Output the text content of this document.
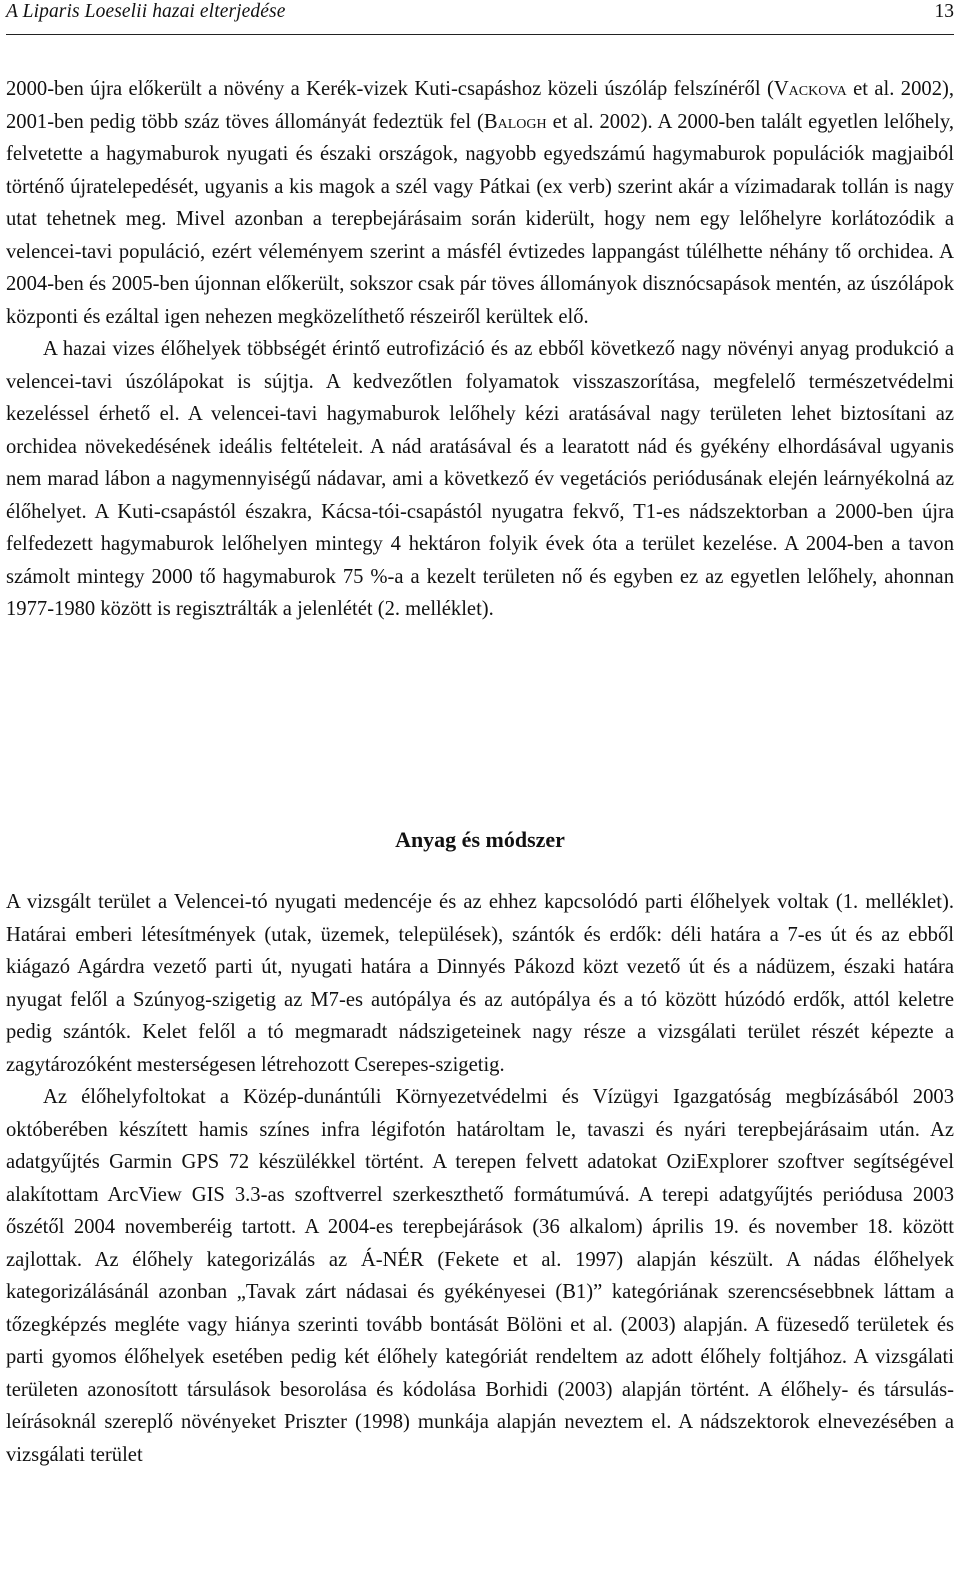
A Liparis Loeselii hazai elterjedése	13

2000-ben újra előkerült a növény a Kerék-vizek Kuti-csapáshoz közeli úszóláp felszínéről (Vackova et al. 2002), 2001-ben pedig több száz töves állományát fedeztük fel (Balogh et al. 2002). A 2000-ben talált egyetlen lelőhely, felvetette a hagymaburok nyugati és északi országok, nagyobb egyedszámú hagymaburok populációk magjaiból történő újratelepedését, ugyanis a kis magok a szél vagy Pátkai (ex verb) szerint akár a vízimadarak tollán is nagy utat tehetnek meg. Mivel azonban a terepbejárásaim során kiderült, hogy nem egy lelőhelyre korlátozódik a velencei-tavi populáció, ezért véleményem szerint a másfél évtizedes lappangást túlélhette néhány tő orchidea. A 2004-ben és 2005-ben újonnan előkerült, sokszor csak pár töves állományok disznócsapások mentén, az úszólápok központi és ezáltal igen nehezen megközelíthető részeiről kerültek elő.

A hazai vizes élőhelyek többségét érintő eutrofizáció és az ebből következő nagy növényi anyag produkció a velencei-tavi úszólápokat is sújtja. A kedvezőtlen folyamatok visszaszorítása, megfelelő természetvédelmi kezeléssel érhető el. A velencei-tavi hagymaburok lelőhely kézi aratásával nagy területen lehet biztosítani az orchidea növekedésének ideális feltételeit. A nád aratásával és a learatott nád és gyékény elhordásával ugyanis nem marad lábon a nagymennyiségű nádavar, ami a következő év vegetációs periódusának elején leárnyékolná az élőhelyet. A Kuti-csapástól északra, Kácsa-tói-csapástól nyugatra fekvő, T1-es nádszektorban a 2000-ben újra felfedezett hagymaburok lelőhelyen mintegy 4 hektáron folyik évek óta a terület kezelése. A 2004-ben a tavon számolt mintegy 2000 tő hagymaburok 75 %-a a kezelt területen nő és egyben ez az egyetlen lelőhely, ahonnan 1977-1980 között is regisztrálták a jelenlétét (2. melléklet).

Anyag és módszer

A vizsgált terület a Velencei-tó nyugati medencéje és az ehhez kapcsolódó parti élőhelyek voltak (1. melléklet). Határai emberi létesítmények (utak, üzemek, települések), szántók és erdők: déli határa a 7-es út és az ebből kiágazó Agárdra vezető parti út, nyugati határa a Dinnyés Pákozd közt vezető út és a nádüzem, északi határa nyugat felől a Szúnyog-szigetig az M7-es autópálya és az autópálya és a tó között húzódó erdők, attól keletre pedig szántók. Kelet felől a tó megmaradt nádszigeteinek nagy része a vizsgálati terület részét képezte a zagytározóként mesterségesen létrehozott Cserepes-szigetig.

Az élőhelyfoltokat a Közép-dunántúli Környezetvédelmi és Vízügyi Igazgatóság megbízásából 2003 októberében készített hamis színes infra légifotón határoltam le, tavaszi és nyári terepbejárásaim után. Az adatgyűjtés Garmin GPS 72 készülékkel történt. A terepen felvett adatokat OziExplorer szoftver segítségével alakítottam ArcView GIS 3.3-as szoftverrel szerkeszthető formátumúvá. A terepi adatgyűjtés periódusa 2003 őszétől 2004 novemberéig tartott. A 2004-es terepbejárások (36 alkalom) április 19. és november 18. között zajlottak. Az élőhely kategorizálás az Á-NÉR (Fekete et al. 1997) alapján készült. A nádas élőhelyek kategorizálásánál azonban „Tavak zárt nádasai és gyékényesei (B1)” kategóriának szerencsésebbnek láttam a tőzegképzés megléte vagy hiánya szerinti tovább bontását Bölöni et al. (2003) alapján. A füzesedő területek és parti gyomos élőhelyek esetében pedig két élőhely kategóriát rendeltem az adott élőhely foltjához. A vizsgálati területen azonosított társulások besorolása és kódolása Borhidi (2003) alapján történt. A élőhely- és társulás-leírásoknál szereplő növényeket Priszter (1998) munkája alapján neveztem el. A nádszektorok elnevezésében a vizsgálati terület
